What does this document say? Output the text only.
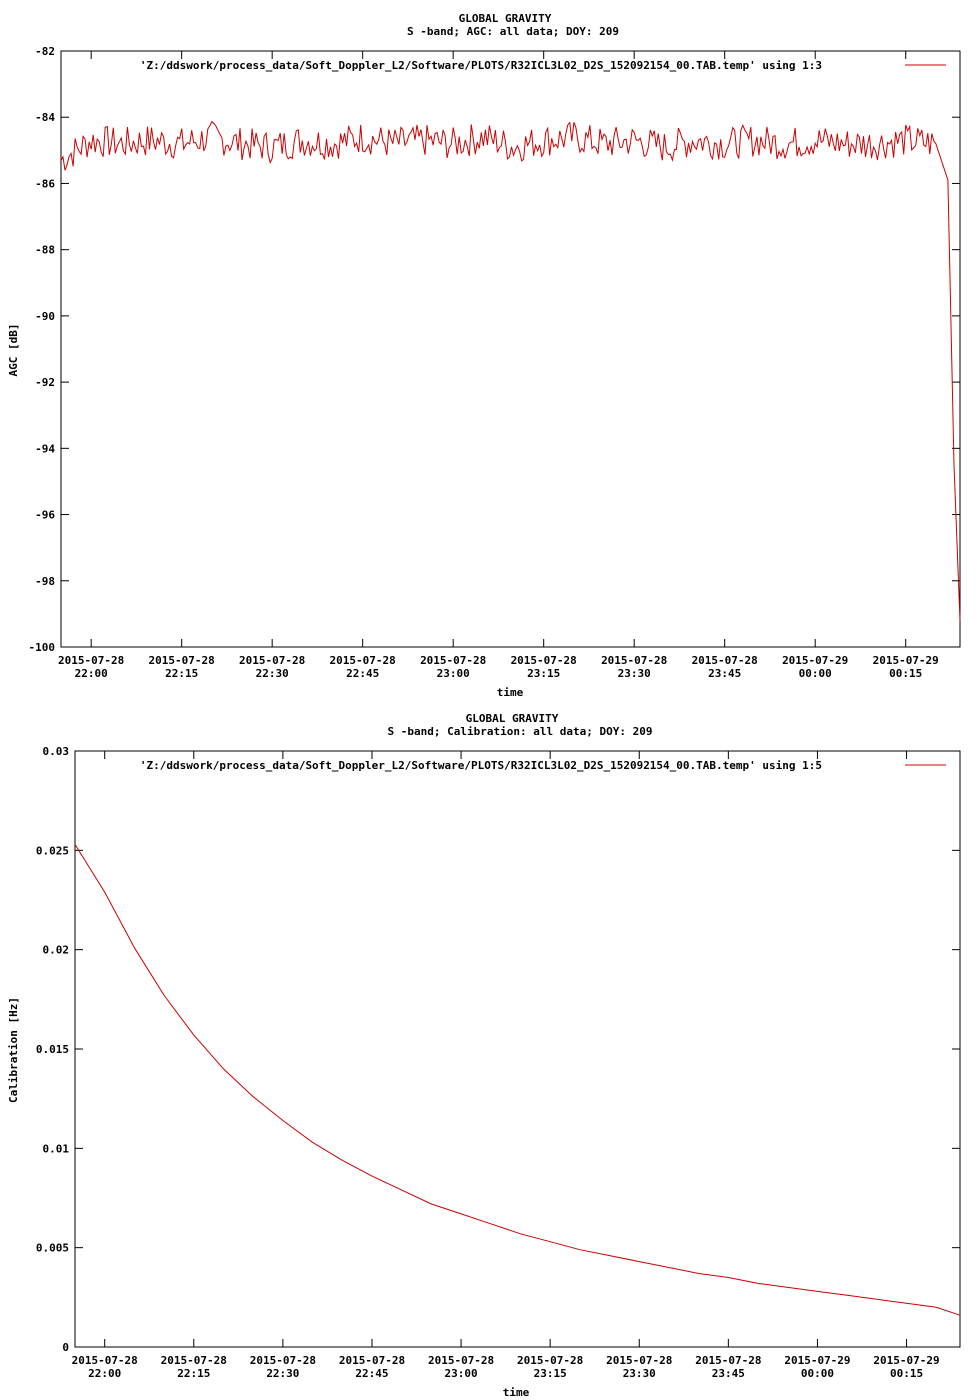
GLOBAL GRAVITY
S -band; AGC: all data; DOY: 209
time
AGC [dB]
'Z:/ddswork/process_data/Soft_Doppler_L2/Software/PLOTS/R32ICL3L02_D2S_152092154_00.TAB.temp' using 1:3
-100
-98
-96
-94
-92
-90
-88
-86
-84
-82
2015-07-28
22:00
2015-07-28
22:15
2015-07-28
22:30
2015-07-28
22:45
2015-07-28
23:00
2015-07-28
23:15
2015-07-28
23:30
2015-07-28
23:45
2015-07-29
00:00
2015-07-29
00:15
GLOBAL GRAVITY
S -band; Calibration: all data; DOY: 209
time
Calibration [Hz]
'Z:/ddswork/process_data/Soft_Doppler_L2/Software/PLOTS/R32ICL3L02_D2S_152092154_00.TAB.temp' using 1:5
0
0.005
0.01
0.015
0.02
0.025
0.03
2015-07-28
22:00
2015-07-28
22:15
2015-07-28
22:30
2015-07-28
22:45
2015-07-28
23:00
2015-07-28
23:15
2015-07-28
23:30
2015-07-28
23:45
2015-07-29
00:00
2015-07-29
00:15
